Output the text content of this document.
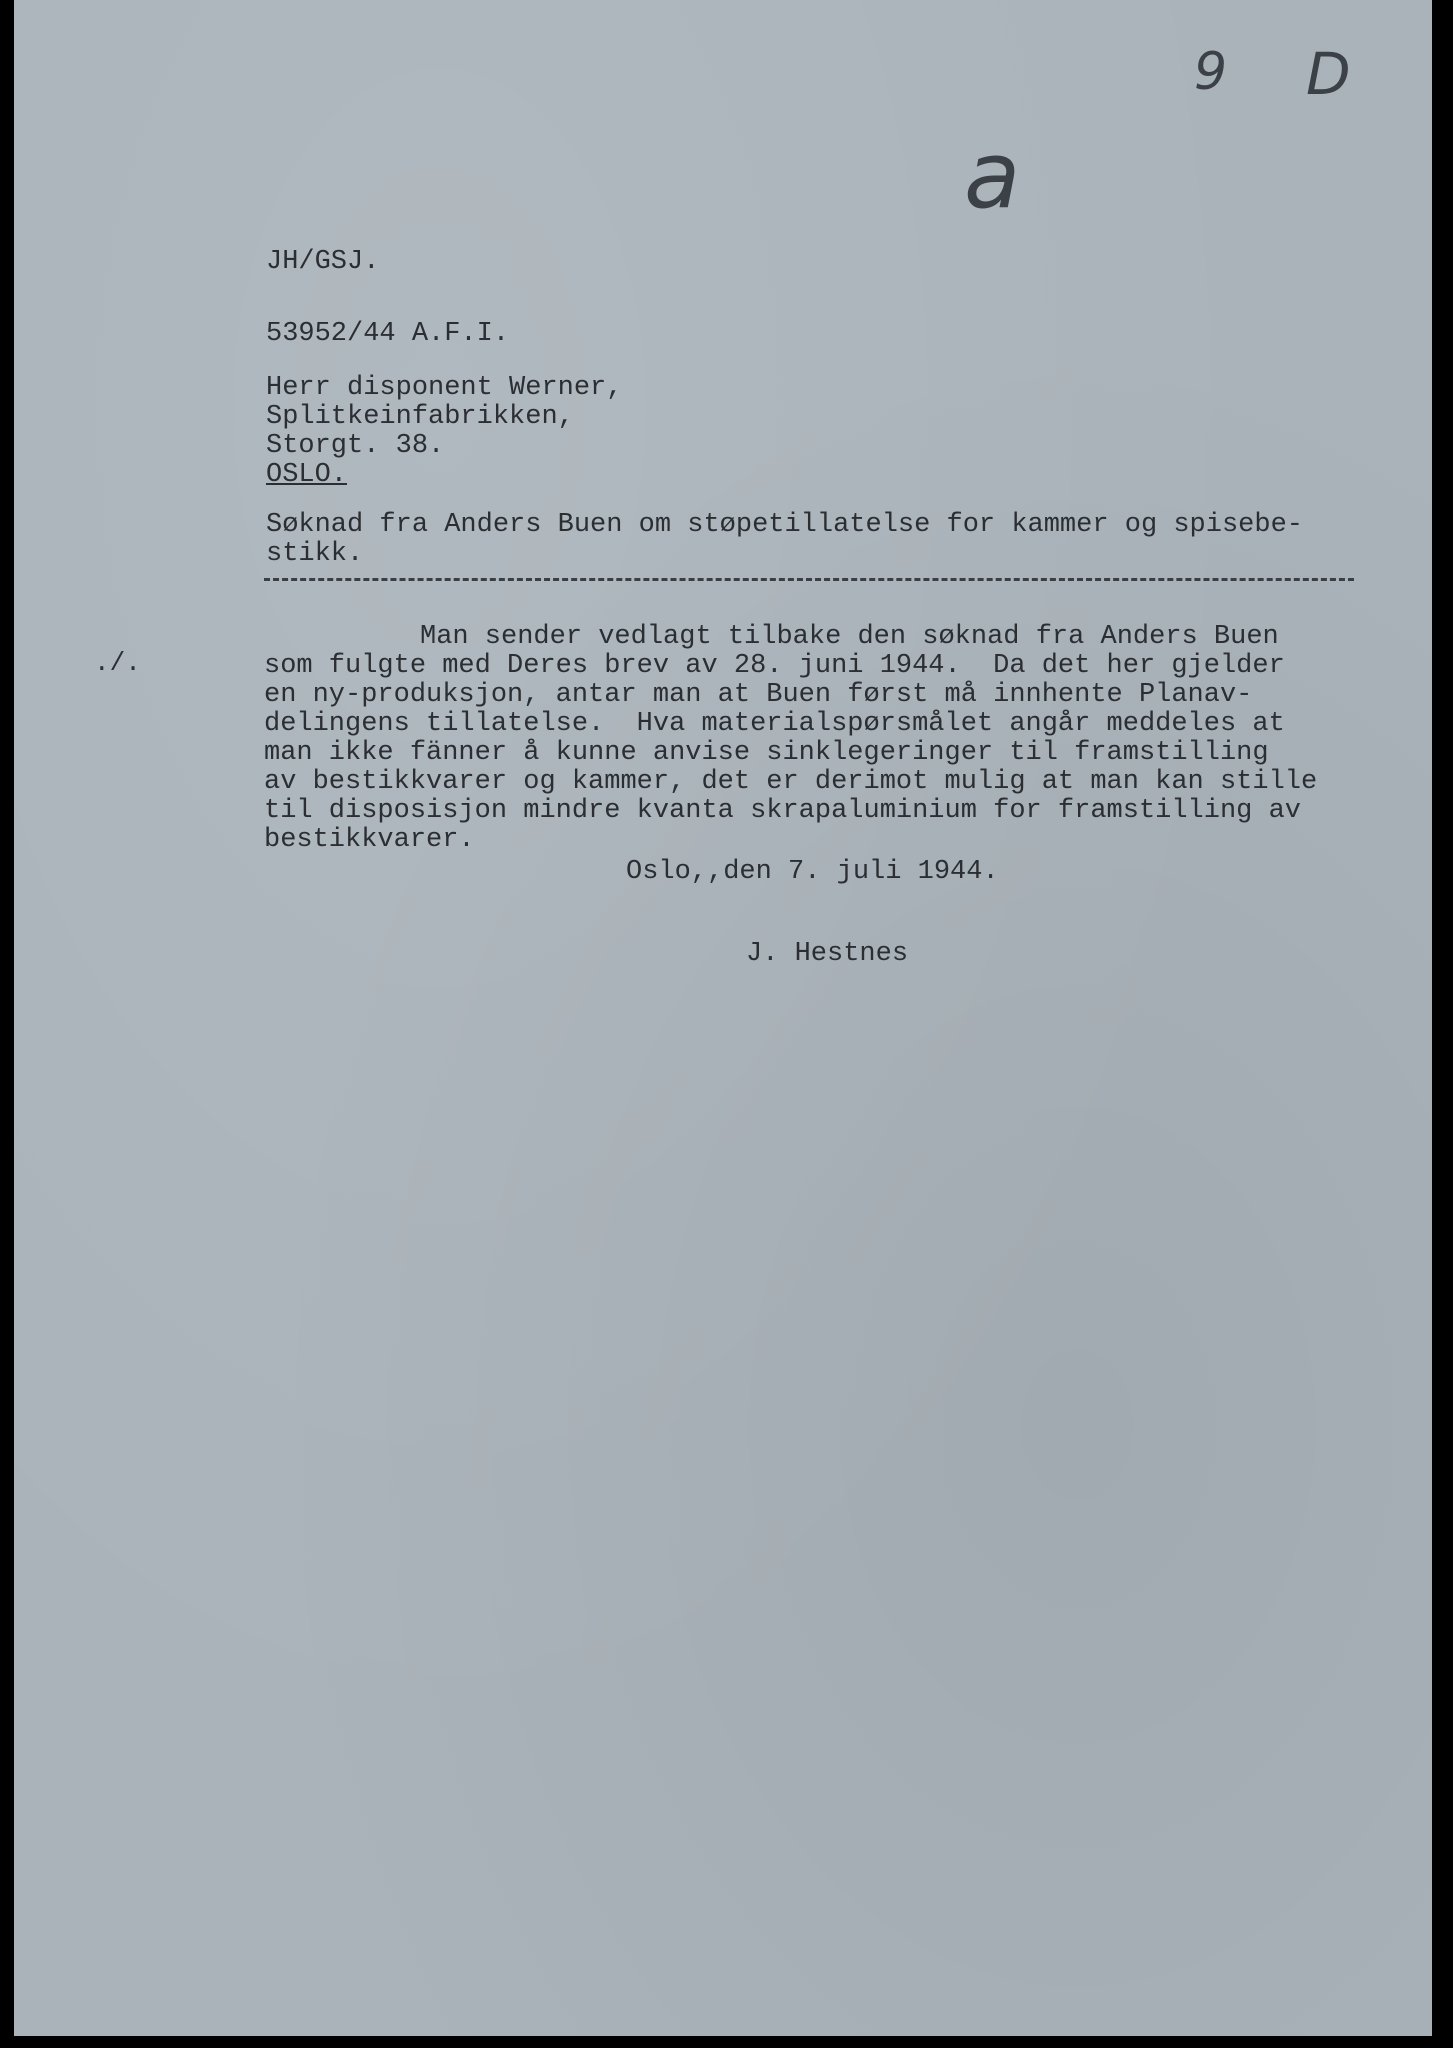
9 D
a

JH/GSJ.

53952/44 A.F.I.

Herr disponent Werner,

Splitkeinfabrikken,

Storgt. 38.

OSLO.

Søknad fra Anders Buen om støpetillatelse for kammer og spisebe-

stikk.

./.

Man sender vedlagt tilbake den søknad fra Anders Buen

som fulgte med Deres brev av 28. juni 1944.  Da det her gjelder

en ny-produksjon, antar man at Buen først må innhente Planav-

delingens tillatelse.  Hva materialspørsmålet angår meddeles at

man ikke fänner å kunne anvise sinklegeringer til framstilling

av bestikkvarer og kammer, det er derimot mulig at man kan stille

til disposisjon mindre kvanta skrapaluminium for framstilling av

bestikkvarer.

Oslo,,den 7. juli 1944.

J. Hestnes
